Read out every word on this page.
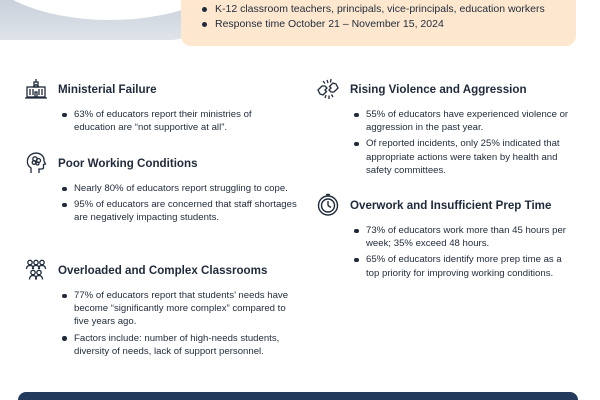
K-12 classroom teachers, principals, vice-principals, education workers
Response time October 21 – November 15, 2024
Ministerial Failure
63% of educators report their ministries of education are “not supportive at all”.
Poor Working Conditions
Nearly 80% of educators report struggling to cope.
95% of educators are concerned that staff shortages are negatively impacting students.
Overloaded and Complex Classrooms
77% of educators report that students’ needs have become “significantly more complex” compared to five years ago.
Factors include: number of high-needs students, diversity of needs, lack of support personnel.
Rising Violence and Aggression
55% of educators have experienced violence or aggression in the past year.
Of reported incidents, only 25% indicated that appropriate actions were taken by health and safety committees.
Overwork and Insufficient Prep Time
73% of educators work more than 45 hours per week; 35% exceed 48 hours.
65% of educators identify more prep time as a top priority for improving working conditions.
